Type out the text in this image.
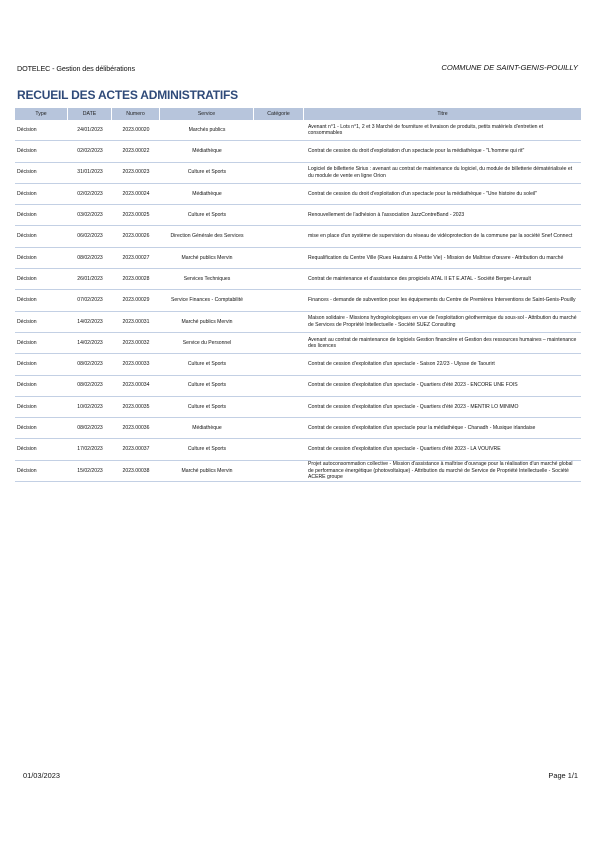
DOTELEC - Gestion des délibérations	COMMUNE DE SAINT-GENIS-POUILLY
RECUEIL DES ACTES ADMINISTRATIFS
Type	DATE	Numero	Service	Catégorie	Titre
Décision	24/01/2023	2023.00020	Marchés publics		Avenant n°1 - Lots n°1, 2 et 3 Marché de fourniture et livraison de produits, petits matériels d'entretien et consommables
Décision	02/02/2023	2023.00022	Médiathèque		Contrat de cession du droit d'exploitation d'un spectacle pour la médiathèque - "L'homme qui rit"
Décision	31/01/2023	2023.00023	Culture et Sports		Logiciel de billetterie Sirius : avenant au contrat de maintenance du logiciel, du module de billetterie dématérialisée et du module de vente en ligne Orion
Décision	02/02/2023	2023.00024	Médiathèque		Contrat de cession du droit d'exploitation d'un spectacle pour la médiathèque - "Une histoire du soleil"
Décision	03/02/2023	2023.00025	Culture et Sports		Renouvellement de l'adhésion à l'association JazzContreBand - 2023
Décision	06/02/2023	2023.00026	Direction Générale des Services		mise en place d'un système de supervision du réseau de vidéoprotection de la commune par la société Snef Connect
Décision	08/02/2023	2023.00027	Marché publics Mervin		Requalification du Centre Ville (Rues Hautains & Petite Vie) - Mission de Maîtrise d'œuvre - Attribution du marché
Décision	26/01/2023	2023.00028	Services Techniques		Contrat de maintenance et d'assistance des progiciels ATAL II ET E.ATAL - Société Berger-Levrault
Décision	07/02/2023	2023.00029	Service Finances - Comptabilité		Finances - demande de subvention pour les équipements du Centre de Premières Interventions de Saint-Genis-Pouilly
Décision	14/02/2023	2023.00031	Marché publics Mervin		Maison solidaire - Missions hydrogéologiques en vue de l'exploitation géothermique du sous-sol - Attribution du marché de Services de Propriété Intellectuelle - Société SUEZ Consulting
Décision	14/02/2023	2023.00032	Service du Personnel		Avenant au contrat de maintenance de logiciels Gestion financière et Gestion des ressources humaines – maintenance des licences
Décision	08/02/2023	2023.00033	Culture et Sports		Contrat de cession d'exploitation d'un spectacle - Saison 22/23 - Ulysse de Taourirt
Décision	08/02/2023	2023.00034	Culture et Sports		Contrat de cession d'exploitation d'un spectacle - Quartiers d'été 2023 - ENCORE UNE FOIS
Décision	10/02/2023	2023.00035	Culture et Sports		Contrat de cession d'exploitation d'un spectacle - Quartiers d'été 2023 - MENTIR LO MINIMO
Décision	08/02/2023	2023.00036	Médiathèque		Contrat de cession d'exploitation d'un spectacle pour la médiathèque - Chanadh - Musique irlandaise
Décision	17/02/2023	2023.00037	Culture et Sports		Contrat de cession d'exploitation d'un spectacle - Quartiers d'été 2023 - LA VOUIVRE
Décision	15/02/2023	2023.00038	Marché publics Mervin		Projet autoconsommation collective - Mission d'assistance à maîtrise d'ouvrage pour la réalisation d'un marché global de performance énergétique (photovoltaïque) - Attribution du marché de Service de Propriété Intellectuelle - Société ACERE groupe
01/03/2023	Page 1/1
